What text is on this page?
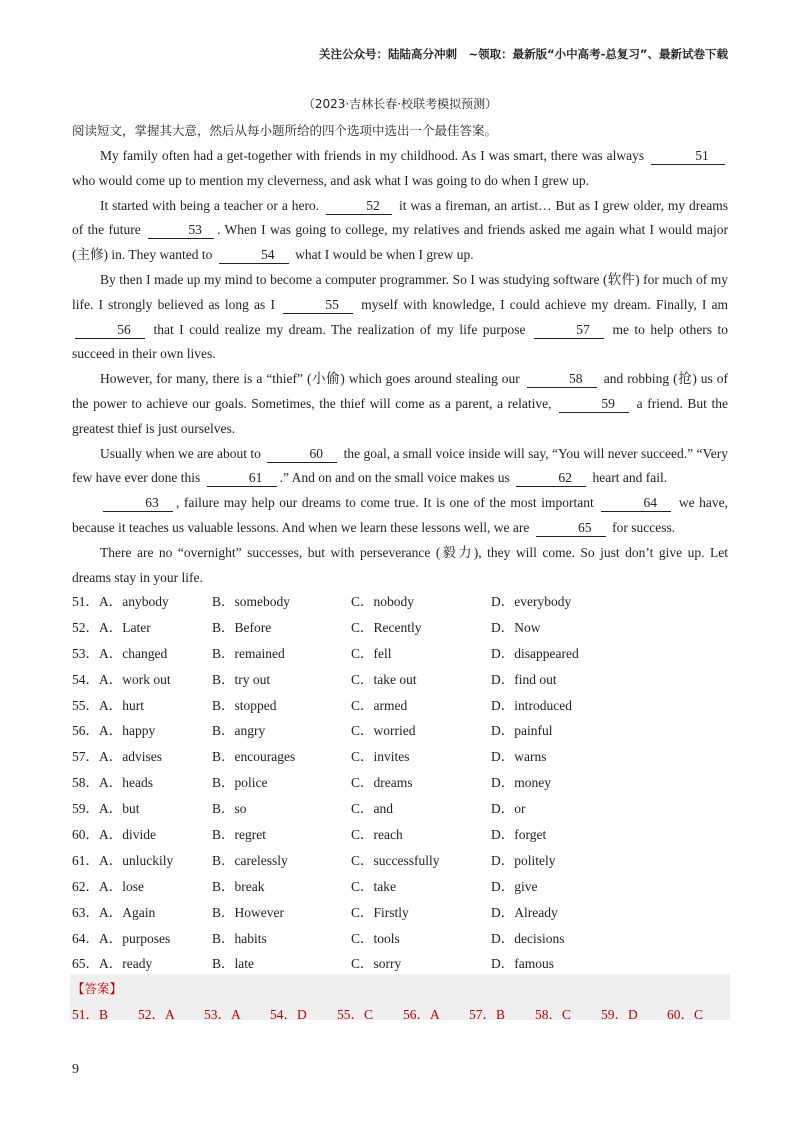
关注公众号：陆陆高分冲刺　~领取：最新版“小中高考-总复习”、最新试卷下载
（2023·吉林长春·校联考模拟预测）
阅读短文，掌握其大意，然后从每小题所给的四个选项中选出一个最佳答案。

My family often had a get-together with friends in my childhood. As I was smart, there was always	51 who would come up to mention my cleverness, and ask what I was going to do when I grew up.

It started with being a teacher or a hero.	52 it was a fireman, an artist… But as I grew older, my dreams of the future	53 . When I was going to college, my relatives and friends asked me again what I would major (主修) in. They wanted to	54 what I would be when I grew up.

By then I made up my mind to become a computer programmer. So I was studying software (软件) for much of my life. I strongly believed as long as I	55 myself with knowledge, I could achieve my dream. Finally, I am 56 that I could realize my dream. The realization of my life purpose	57 me to help others to succeed in their own lives.

However, for many, there is a “thief” (小偷) which goes around stealing our	58 and robbing (抢) us of the power to achieve our goals. Sometimes, the thief will come as a parent, a relative,	59 a friend. But the greatest thief is just ourselves.

Usually when we are about to	60 the goal, a small voice inside will say, “You will never succeed.” “Very few have ever done this	61 .” And on and on the small voice makes us	62 heart and fail.

63 , failure may help our dreams to come true. It is one of the most important	64 we have, because it teaches us valuable lessons. And when we learn these lessons well, we are	65 for success.

There are no “overnight” successes, but with perseverance (毅力), they will come. So just don’t give up. Let dreams stay in your life.

51．A．anybody	B．somebody	C．nobody	D．everybody
52．A．Later	B．Before	C．Recently	D．Now
53．A．changed	B．remained	C．fell	D．disappeared
54．A．work out	B．try out	C．take out	D．find out
55．A．hurt	B．stopped	C．armed	D．introduced
56．A．happy	B．angry	C．worried	D．painful
57．A．advises	B．encourages	C．invites	D．warns
58．A．heads	B．police	C．dreams	D．money
59．A．but	B．so	C．and	D．or
60．A．divide	B．regret	C．reach	D．forget
61．A．unluckily	B．carelessly	C．successfully	D．politely
62．A．lose	B．break	C．take	D．give
63．A．Again	B．However	C．Firstly	D．Already
64．A．purposes	B．habits	C．tools	D．decisions
65．A．ready	B．late	C．sorry	D．famous
【答案】
51．B 52．A 53．A 54．D 55．C 56．A 57．B 58．C 59．D 60．C
9
